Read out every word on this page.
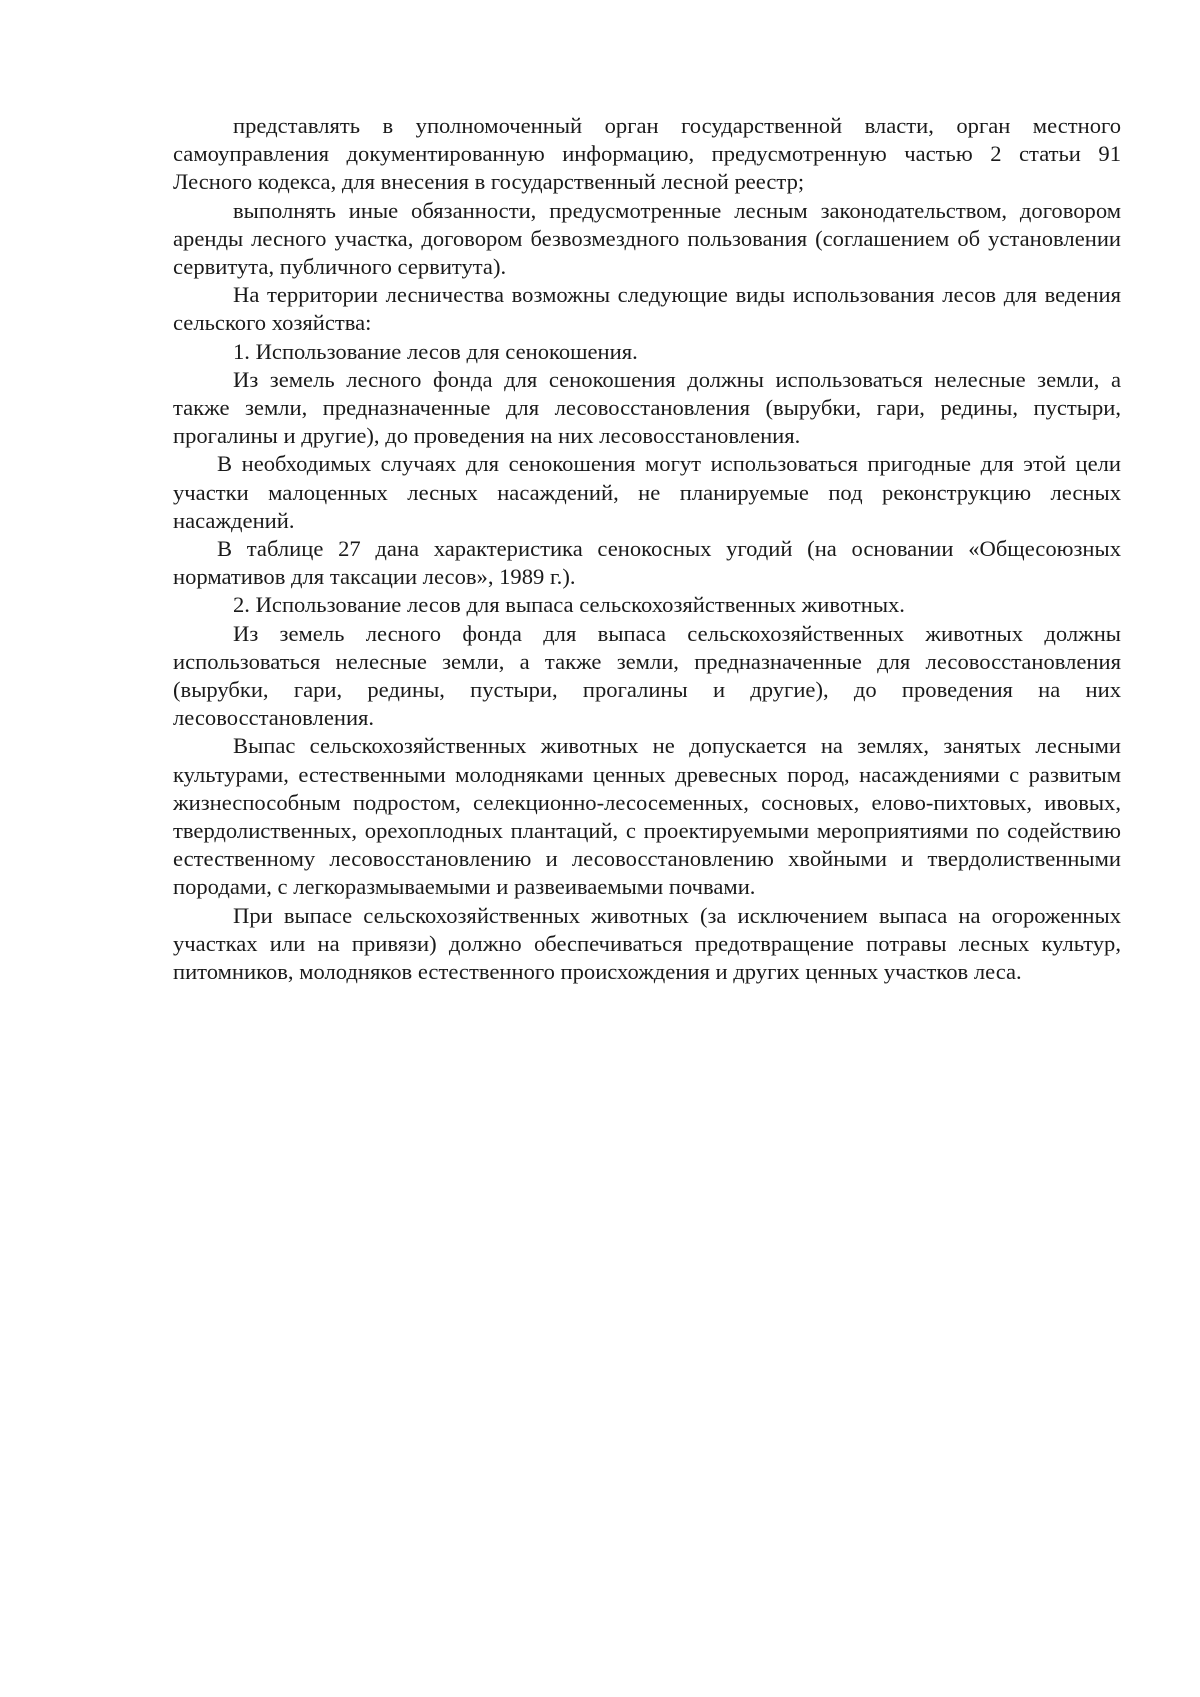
представлять в уполномоченный орган государственной власти, орган местного самоуправления документированную информацию, предусмотренную частью 2 статьи 91 Лесного кодекса, для внесения в государственный лесной реестр;

выполнять иные обязанности, предусмотренные лесным законодательством, договором аренды лесного участка, договором безвозмездного пользования (соглашением об установлении сервитута, публичного сервитута).

На территории лесничества возможны следующие виды использования лесов для ведения сельского хозяйства:

1. Использование лесов для сенокошения.

Из земель лесного фонда для сенокошения должны использоваться нелесные земли, а также земли, предназначенные для лесовосстановления (вырубки, гари, редины, пустыри, прогалины и другие), до проведения на них лесовосстановления.

В необходимых случаях для сенокошения могут использоваться пригодные для этой цели участки малоценных лесных насаждений, не планируемые под реконструкцию лесных насаждений.

В таблице 27 дана характеристика сенокосных угодий (на основании «Общесоюзных нормативов для таксации лесов», 1989 г.).

2. Использование лесов для выпаса сельскохозяйственных животных.

Из земель лесного фонда для выпаса сельскохозяйственных животных должны использоваться нелесные земли, а также земли, предназначенные для лесовосстановления (вырубки, гари, редины, пустыри, прогалины и другие), до проведения на них лесовосстановления.

Выпас сельскохозяйственных животных не допускается на землях, занятых лесными культурами, естественными молодняками ценных древесных пород, насаждениями с развитым жизнеспособным подростом, селекционно-лесосеменных, сосновых, елово-пихтовых, ивовых, твердолиственных, орехоплодных плантаций, с проектируемыми мероприятиями по содействию естественному лесовосстановлению и лесовосстановлению хвойными и твердолиственными породами, с легкоразмываемыми и развеиваемыми почвами.

При выпасе сельскохозяйственных животных (за исключением выпаса на огороженных участках или на привязи) должно обеспечиваться предотвращение потравы лесных культур, питомников, молодняков естественного происхождения и других ценных участков леса.
